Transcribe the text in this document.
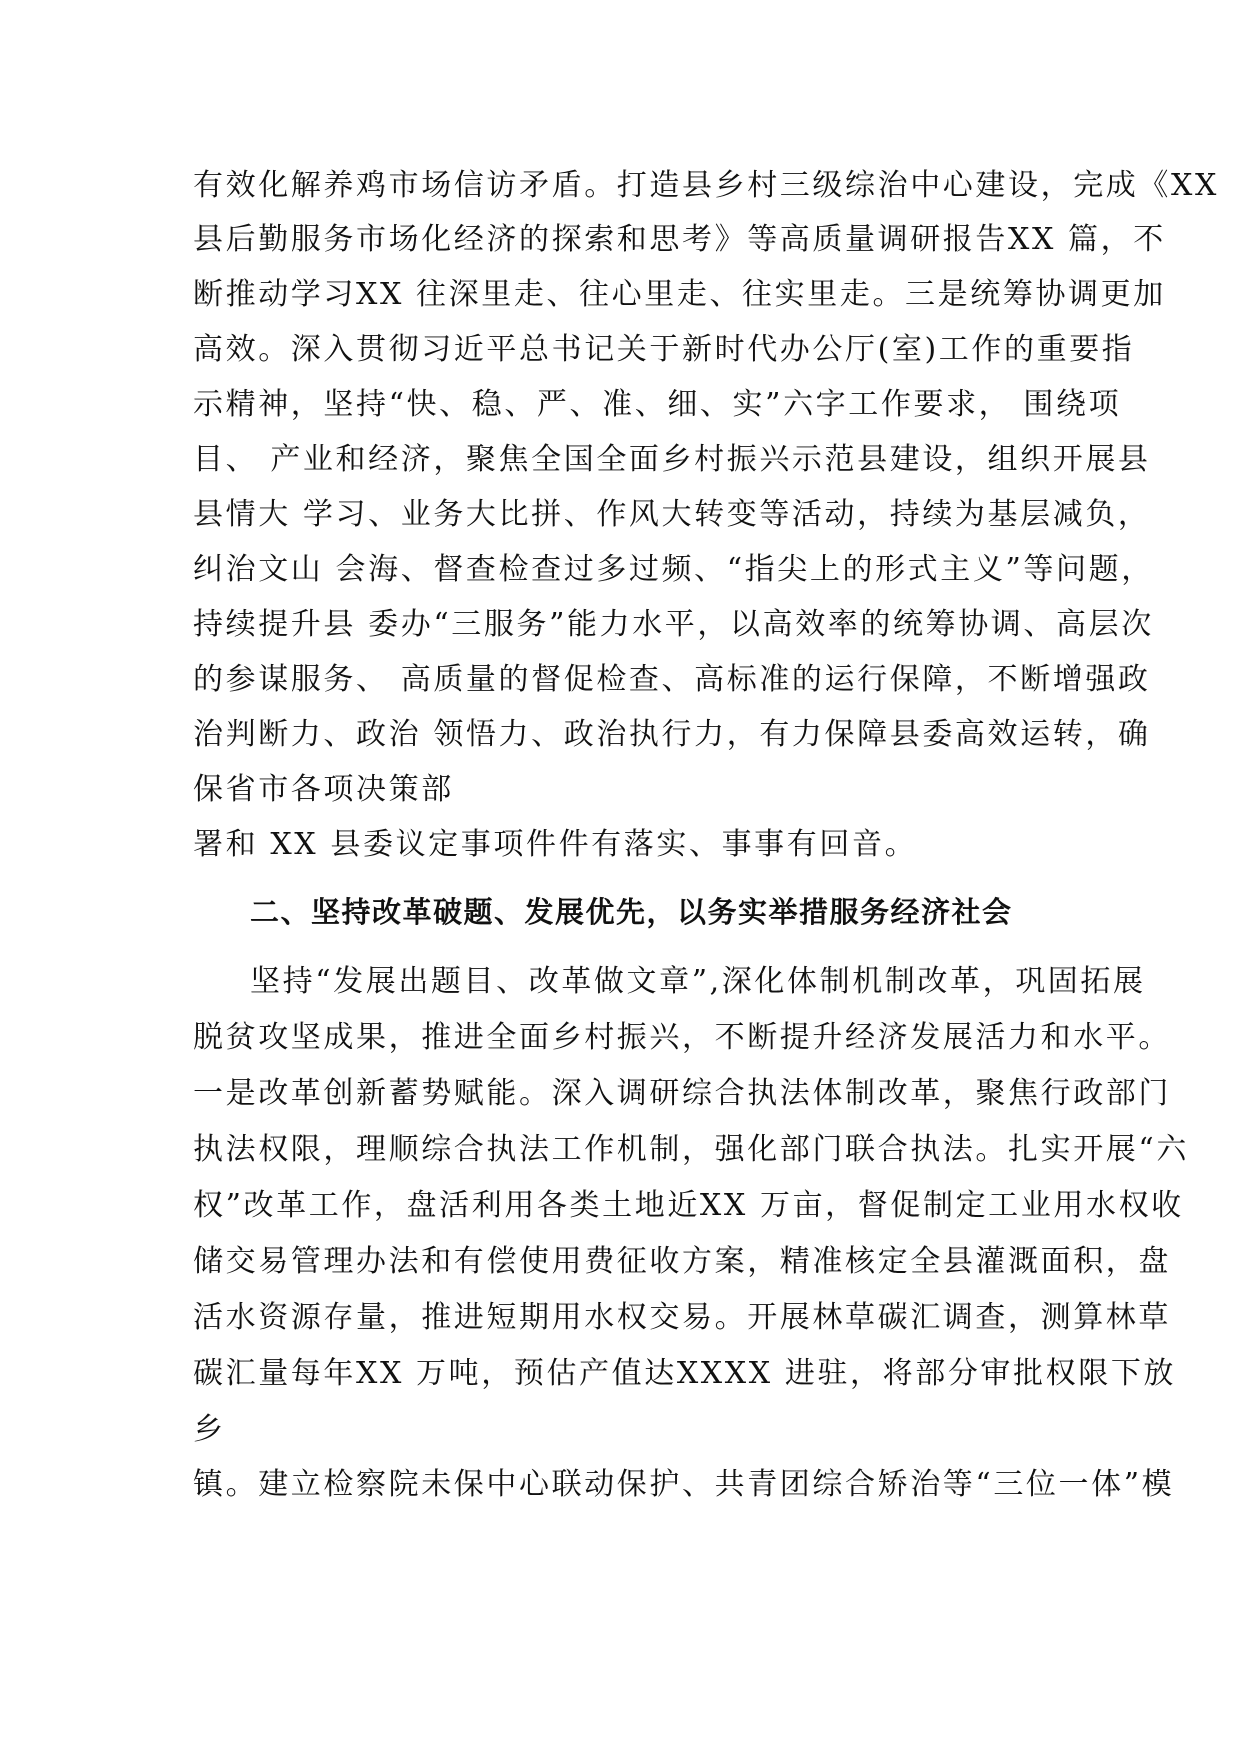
有效化解养鸡市场信访矛盾。打造县乡村三级综治中心建设，完成《XX
县后勤服务市场化经济的探索和思考》等高质量调研报告XX 篇，不
断推动学习XX 往深里走、往心里走、往实里走。三是统筹协调更加
高效。深入贯彻习近平总书记关于新时代办公厅(室)工作的重要指
示精神，坚持“快、稳、严、准、细、实”六字工作要求， 围绕项
目、 产业和经济，聚焦全国全面乡村振兴示范县建设，组织开展县
县情大 学习、业务大比拼、作风大转变等活动，持续为基层减负，
纠治文山 会海、督查检查过多过频、“指尖上的形式主义”等问题，
持续提升县 委办“三服务”能力水平，以高效率的统筹协调、高层次
的参谋服务、 高质量的督促检查、高标准的运行保障，不断增强政
治判断力、政治 领悟力、政治执行力，有力保障县委高效运转，确
保省市各项决策部
署和 XX 县委议定事项件件有落实、事事有回音。
二、坚持改革破题、发展优先，以务实举措服务经济社会
坚持“发展出题目、改革做文章”,深化体制机制改革，巩固拓展
脱贫攻坚成果，推进全面乡村振兴，不断提升经济发展活力和水平。
一是改革创新蓄势赋能。深入调研综合执法体制改革，聚焦行政部门
执法权限，理顺综合执法工作机制，强化部门联合执法。扎实开展“六
权”改革工作，盘活利用各类土地近XX 万亩，督促制定工业用水权收
储交易管理办法和有偿使用费征收方案，精准核定全县灌溉面积，盘
活水资源存量，推进短期用水权交易。开展林草碳汇调查，测算林草
碳汇量每年XX 万吨，预估产值达XXXX 进驻，将部分审批权限下放
乡
镇。建立检察院未保中心联动保护、共青团综合矫治等“三位一体”模
